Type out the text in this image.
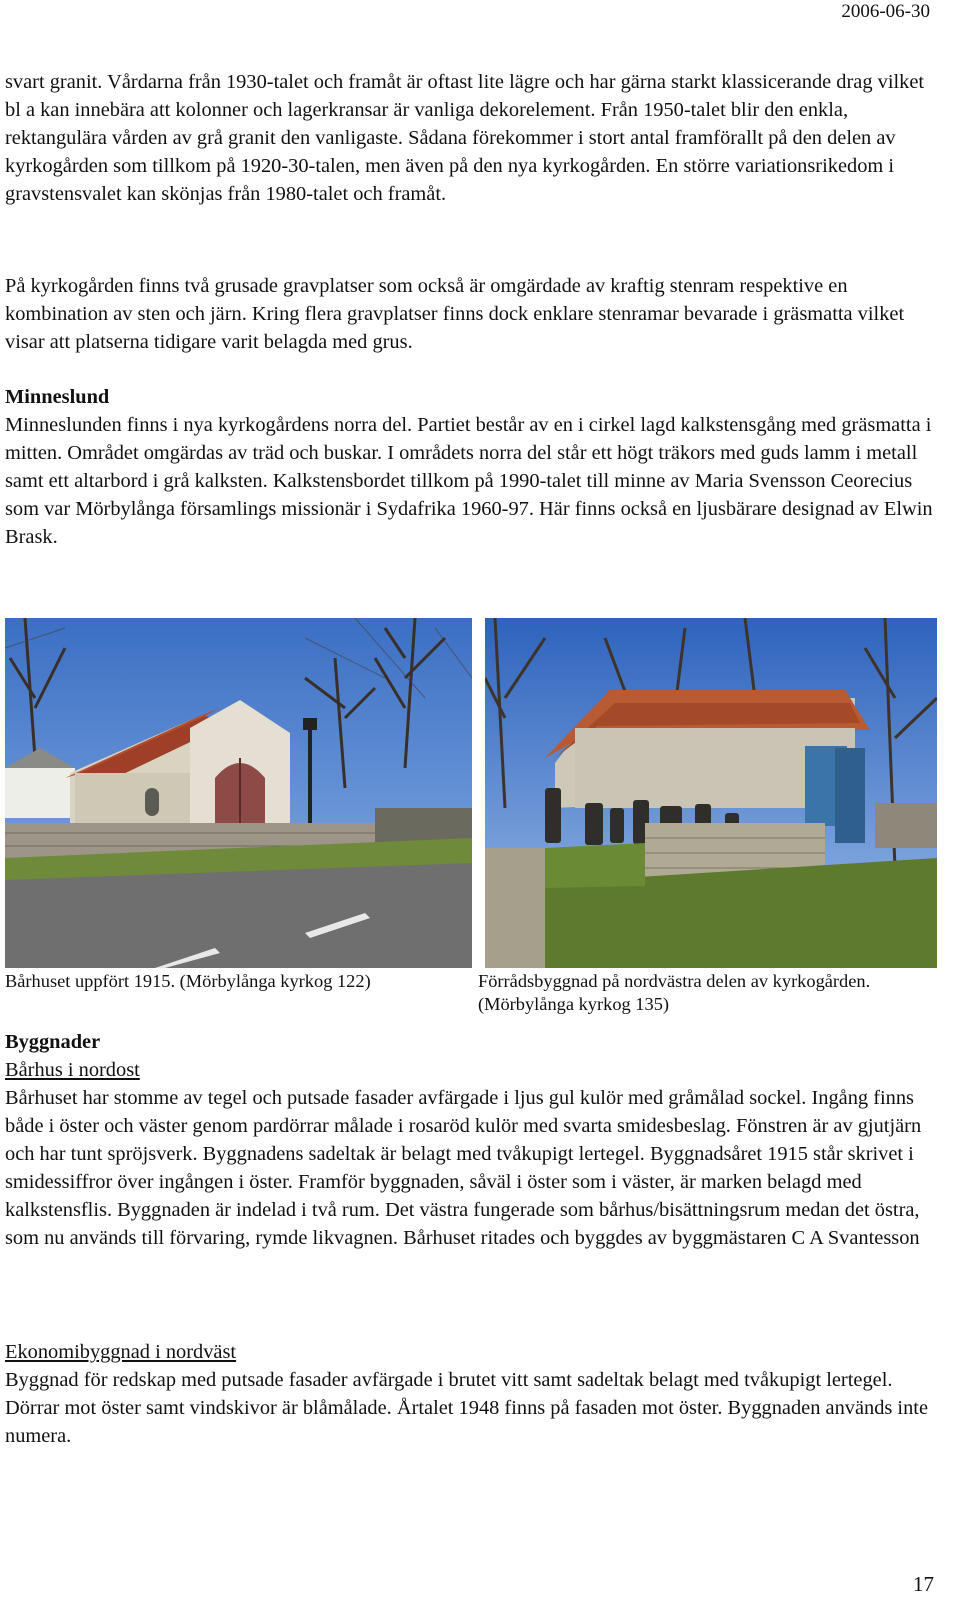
2006-06-30

svart granit. Vårdarna från 1930-talet och framåt är oftast lite lägre och har gärna starkt klassicerande drag vilket bl a kan innebära att kolonner och lagerkransar är vanliga dekorelement. Från 1950-talet blir den enkla, rektangulära vården av grå granit den vanligaste. Sådana förekommer i stort antal framförallt på den delen av kyrkogården som tillkom på 1920-30-talen, men även på den nya kyrkogården. En större variationsrikedom i gravstensvalet kan skönjas från 1980-talet och framåt.

På kyrkogården finns två grusade gravplatser som också är omgärdade av kraftig stenram respektive en kombination av sten och järn. Kring flera gravplatser finns dock enklare stenramar bevarade i gräsmatta vilket visar att platserna tidigare varit belagda med grus.

Minneslund

Minneslunden finns i nya kyrkogårdens norra del. Partiet består av en i cirkel lagd kalkstensgång med gräsmatta i mitten. Området omgärdas av träd och buskar. I områdets norra del står ett högt träkors med guds lamm i metall samt ett altarbord i grå kalksten. Kalkstensbordet tillkom på 1990-talet till minne av Maria Svensson Ceorecius som var Mörbylånga församlings missionär i Sydafrika 1960-97. Här finns också en ljusbärare designad av Elwin Brask.

Bårhuset uppfört 1915. (Mörbylånga kyrkog 122)	Förrådsbyggnad på nordvästra delen av kyrkogården.
(Mörbylånga kyrkog 135)
Byggnader
Bårhus i nordost

Bårhuset har stomme av tegel och putsade fasader avfärgade i ljus gul kulör med gråmålad sockel. Ingång finns både i öster och väster genom pardörrar målade i rosaröd kulör med svarta smidesbeslag. Fönstren är av gjutjärn och har tunt spröjsverk. Byggnadens sadeltak är belagt med tvåkupigt lertegel. Byggnadsåret 1915 står skrivet i smidessiffror över ingången i öster. Framför byggnaden, såväl i öster som i väster, är marken belagd med kalkstensflis. Byggnaden är indelad i två rum. Det västra fungerade som bårhus/bisättningsrum medan det östra, som nu används till förvaring, rymde likvagnen. Bårhuset ritades och byggdes av byggmästaren C A Svantesson

Ekonomibyggnad i nordväst

Byggnad för redskap med putsade fasader avfärgade i brutet vitt samt sadeltak belagt med tvåkupigt lertegel. Dörrar mot öster samt vindskivor är blåmålade. Årtalet 1948 finns på fasaden mot öster. Byggnaden används inte numera.

17
